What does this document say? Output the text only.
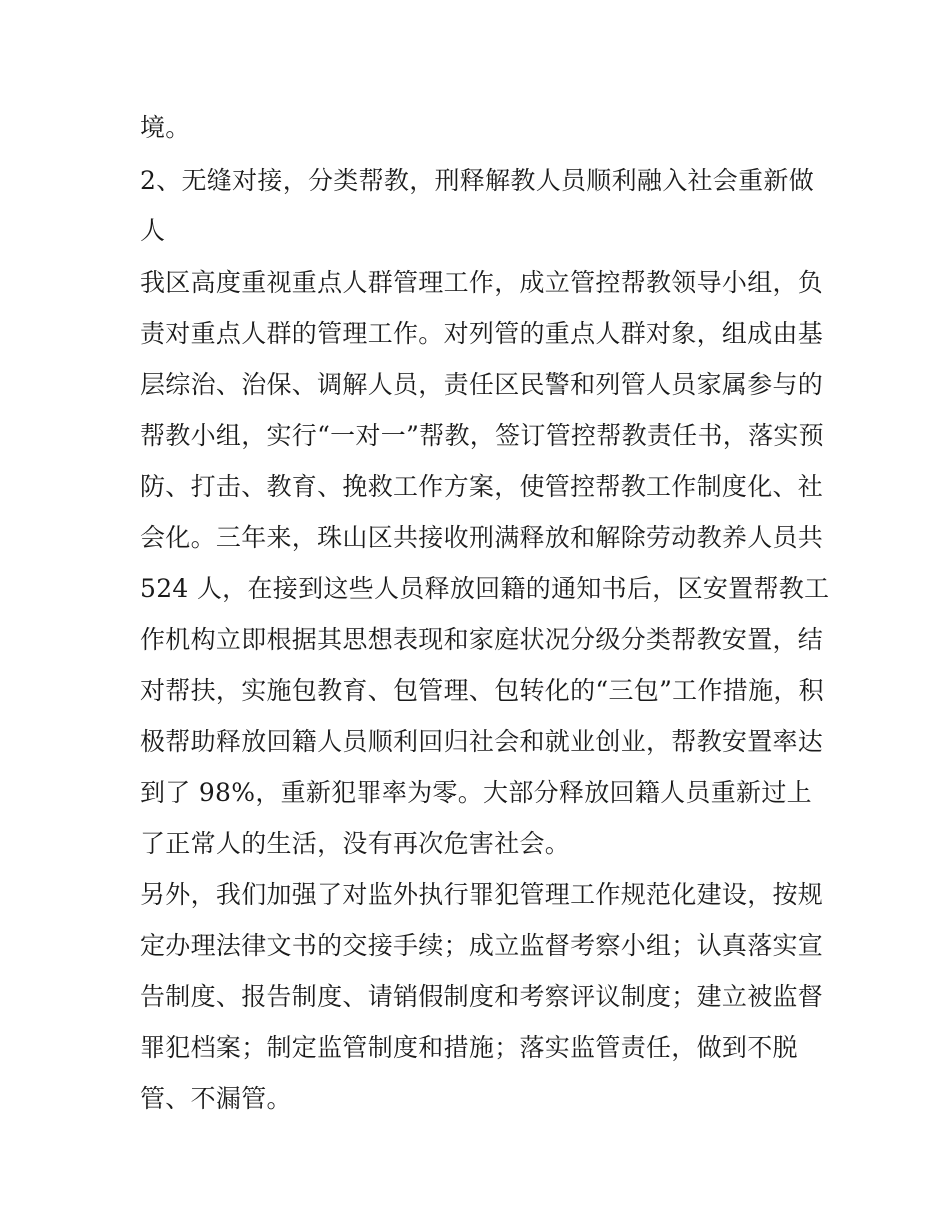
境。
2、无缝对接，分类帮教，刑释解教人员顺利融入社会重新做
人
我区高度重视重点人群管理工作，成立管控帮教领导小组，负
责对重点人群的管理工作。对列管的重点人群对象，组成由基
层综治、治保、调解人员，责任区民警和列管人员家属参与的
帮教小组，实行“一对一”帮教，签订管控帮教责任书，落实预
防、打击、教育、挽救工作方案，使管控帮教工作制度化、社
会化。三年来，珠山区共接收刑满释放和解除劳动教养人员共
524 人，在接到这些人员释放回籍的通知书后，区安置帮教工
作机构立即根据其思想表现和家庭状况分级分类帮教安置，结
对帮扶，实施包教育、包管理、包转化的“三包”工作措施，积
极帮助释放回籍人员顺利回归社会和就业创业，帮教安置率达
到了 98%，重新犯罪率为零。大部分释放回籍人员重新过上
了正常人的生活，没有再次危害社会。
另外，我们加强了对监外执行罪犯管理工作规范化建设，按规
定办理法律文书的交接手续；成立监督考察小组；认真落实宣
告制度、报告制度、请销假制度和考察评议制度；建立被监督
罪犯档案；制定监管制度和措施；落实监管责任，做到不脱
管、不漏管。
